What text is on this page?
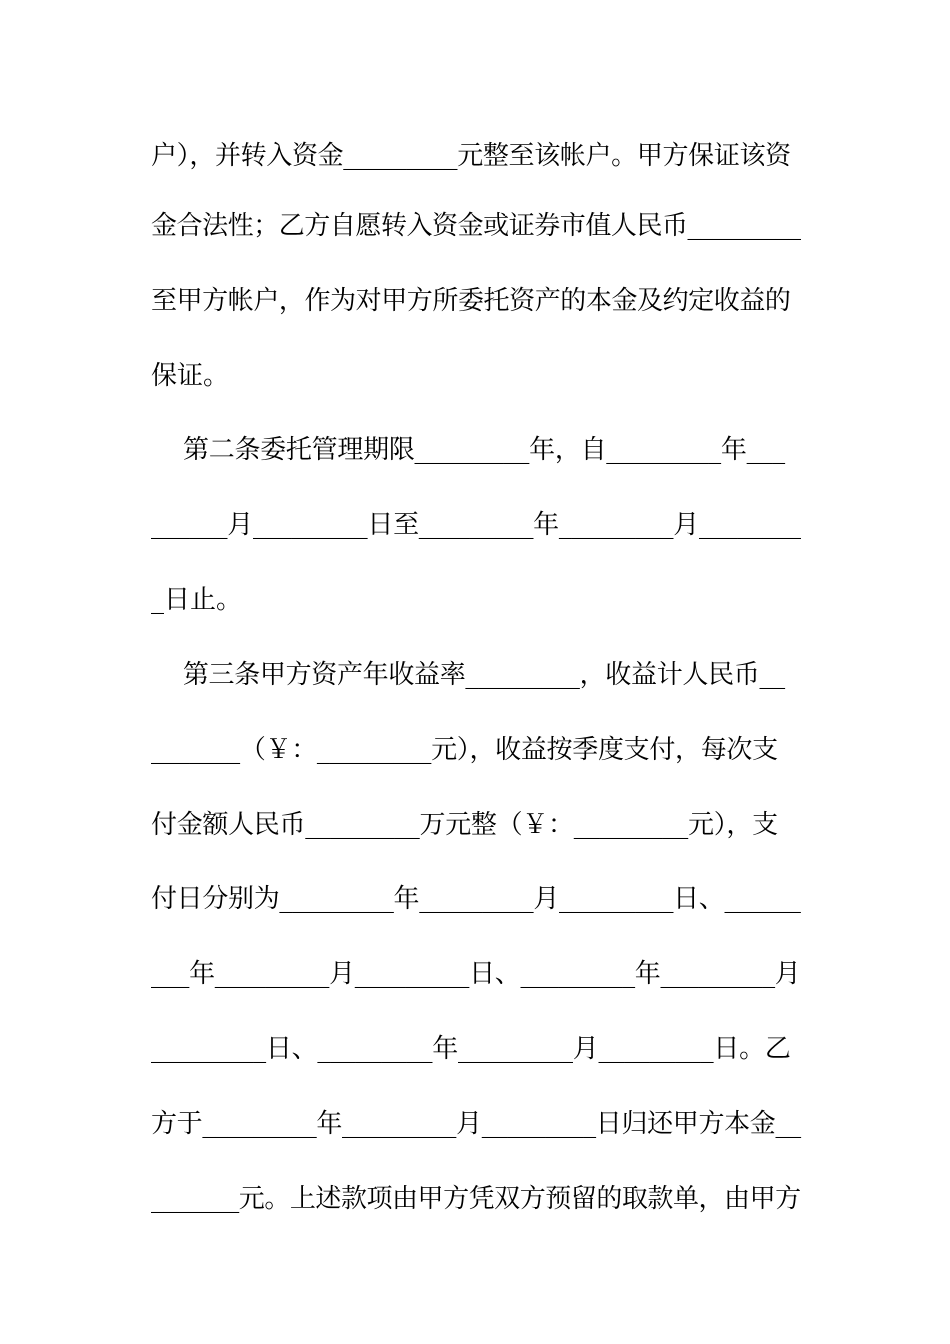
户），并转入资金_________元整至该帐户。甲方保证该资
金合法性；乙方自愿转入资金或证券市值人民币_________
至甲方帐户，作为对甲方所委托资产的本金及约定收益的
保证。
第二条委托管理期限_________年，自_________年___
______月_________日至_________年_________月________
_日止。
第三条甲方资产年收益率_________，收益计人民币__
_______（￥：_________元），收益按季度支付，每次支
付金额人民币_________万元整（￥：_________元），支
付日分别为_________年_________月_________日、______
___年_________月_________日、_________年_________月
_________日、_________年_________月_________日。乙
方于_________年_________月_________日归还甲方本金__
_______元。上述款项由甲方凭双方预留的取款单，由甲方
